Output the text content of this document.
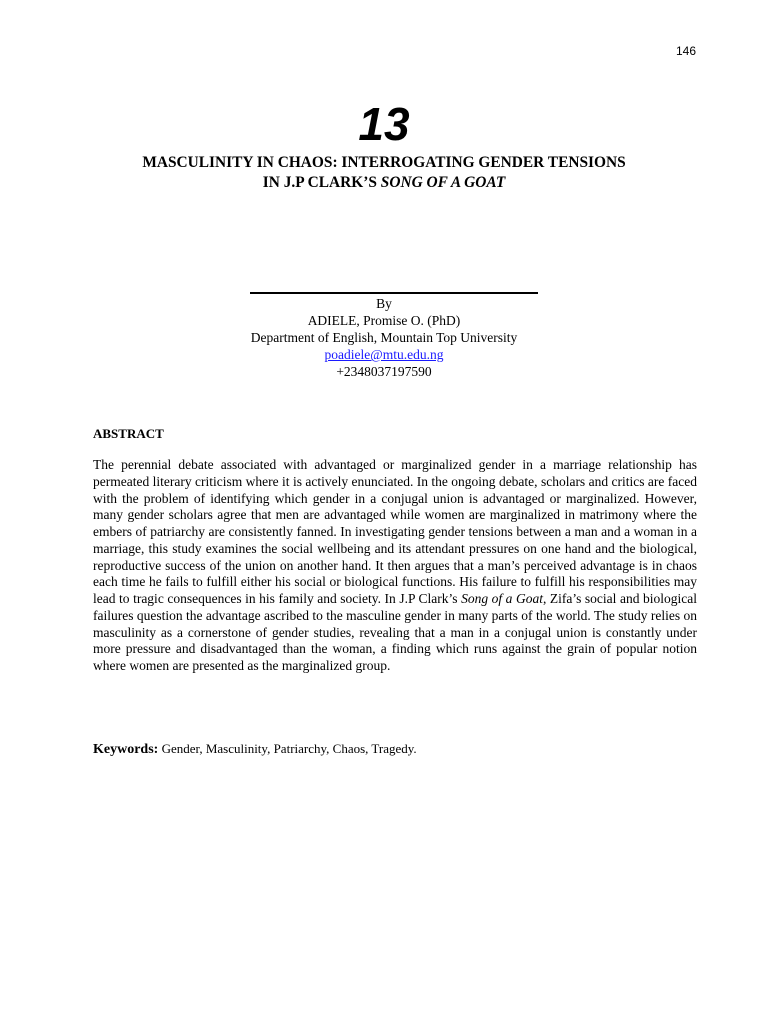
146
13
MASCULINITY IN CHAOS: INTERROGATING GENDER TENSIONS
IN J.P CLARK’S SONG OF A GOAT
By
ADIELE, Promise O. (PhD)
Department of English, Mountain Top University
poadiele@mtu.edu.ng
+2348037197590
ABSTRACT

The perennial debate associated with advantaged or marginalized gender in a marriage relationship has permeated literary criticism where it is actively enunciated. In the ongoing debate, scholars and critics are faced with the problem of identifying which gender in a conjugal union is advantaged or marginalized. However, many gender scholars agree that men are advantaged while women are marginalized in matrimony where the embers of patriarchy are consistently fanned. In investigating gender tensions between a man and a woman in a marriage, this study examines the social wellbeing and its attendant pressures on one hand and the biological, reproductive success of the union on another hand. It then argues that a man’s perceived advantage is in chaos each time he fails to fulfill either his social or biological functions. His failure to fulfill his responsibilities may lead to tragic consequences in his family and society. In J.P Clark’s Song of a Goat, Zifa’s social and biological failures question the advantage ascribed to the masculine gender in many parts of the world. The study relies on masculinity as a cornerstone of gender studies, revealing that a man in a conjugal union is constantly under more pressure and disadvantaged than the woman, a finding which runs against the grain of popular notion where women are presented as the marginalized group.

Keywords: Gender, Masculinity, Patriarchy, Chaos, Tragedy.
